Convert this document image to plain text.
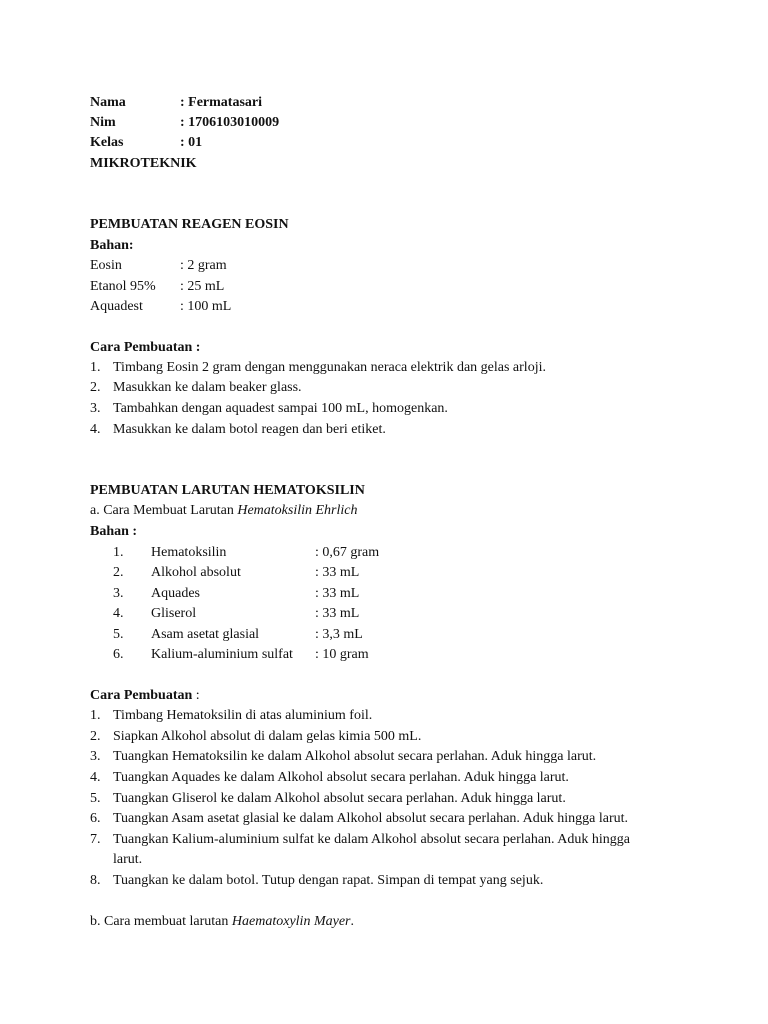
Nama	: Fermatasari
Nim	: 1706103010009
Kelas	: 01
MIKROTEKNIK
PEMBUATAN REAGEN EOSIN
Bahan:
Eosin	: 2 gram
Etanol 95% : 25 mL
Aquadest	: 100 mL
Cara Pembuatan :
1. Timbang Eosin 2 gram dengan menggunakan neraca elektrik dan gelas arloji.
2. Masukkan ke dalam beaker glass.
3. Tambahkan dengan aquadest sampai 100 mL, homogenkan.
4. Masukkan ke dalam botol reagen dan beri etiket.
PEMBUATAN LARUTAN HEMATOKSILIN
a. Cara Membuat Larutan Hematoksilin Ehrlich
Bahan :
1. Hematoksilin	: 0,67 gram
2. Alkohol absolut	: 33 mL
3. Aquades	: 33 mL
4. Gliserol	: 33 mL
5. Asam asetat glasial	: 3,3 mL
6. Kalium-aluminium sulfat : 10 gram
Cara Pembuatan :
1. Timbang Hematoksilin di atas aluminium foil.
2. Siapkan Alkohol absolut di dalam gelas kimia 500 mL.
3. Tuangkan Hematoksilin ke dalam Alkohol absolut secara perlahan. Aduk hingga larut.
4. Tuangkan Aquades ke dalam Alkohol absolut secara perlahan. Aduk hingga larut.
5. Tuangkan Gliserol ke dalam Alkohol absolut secara perlahan. Aduk hingga larut.
6. Tuangkan Asam asetat glasial ke dalam Alkohol absolut secara perlahan. Aduk hingga larut.
7. Tuangkan Kalium-aluminium sulfat ke dalam Alkohol absolut secara perlahan. Aduk hingga
larut.
8. Tuangkan ke dalam botol. Tutup dengan rapat. Simpan di tempat yang sejuk.
b. Cara membuat larutan Haematoxylin Mayer.
